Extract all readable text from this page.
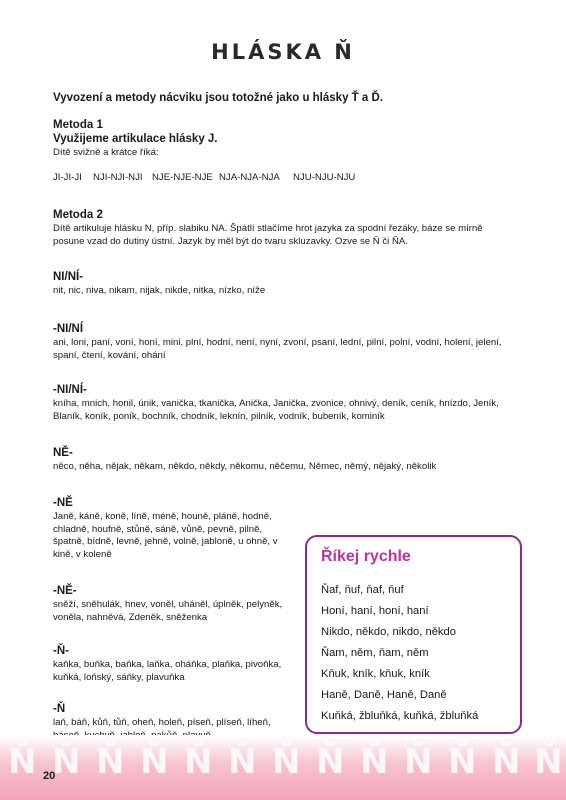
HLÁSKA Ň
Vyvození a metody nácviku jsou totožné jako u hlásky Ť a Ď.
Metoda 1
Využijeme artikulace hlásky J.
Dítě svižně a krátce říká:
JI-JI-JI NJI-NJI-NJI NJE-NJE-NJE NJA-NJA-NJA NJU-NJU-NJU
Metoda 2
Dítě artikuluje hlásku N, příp. slabiku NA. Špátlí stlačíme hrot jazyka za spodní řezáky, báze se mírně posune vzad do dutiny ústní. Jazyk by měl být do tvaru skluzavky. Ozve se Ň či ŇA.
NI/NÍ-
nit, nic, niva, nikam, nijak, nikde, nitka, nízko, níže
-NI/NÍ
ani, loni, paní, voní, honí, mini, plní, hodní, není, nyní, zvoní, psaní, lední, pilní, polní, vodní, holení, jelení, spaní, čtení, kování, ohání
-NI/NÍ-
kníha, mnich, honil, únik, vanička, tkanička, Anička, Janička, zvonice, ohnivý, deník, ceník, hnízdo, Jeník, Blaník, koník, poník, bochník, chodník, leknín, pilník, vodník, bubeník, kominík
NĚ-
něco, něha, nějak, někam, někdo, někdy, někomu, něčemu, Němec, němý, nějaký, několik
-NĚ
Janě, káně, koně, líně, méně, houně, pláně, hodně, chladně, houfně, stůně, sáně, vůně, pevně, pilně, špatně, bídně, levně, jehně, volně, jabloně, u ohně, v kině, v koleně
-NĚ-
sněží, sněhulák, hnev, voněl, uháněl, úplněk, pelyněk, voněla, nahněvá, Zdeněk, sněženka
-Ň-
kaňka, buňka, baňka, laňka, oháňka, plaňka, pivoňka, kuňká, loňský, sáňky, plavuňka
-Ň
laň, báň, kůň, tůň, oheň, holeň, píseň, plíseň, líheň,
Ň Ň Ň Ň Ň Ň Ň Ň Ň Ň Ň Ň Ň
Říkej rychle
Ňaf, ňuf, ňaf, ňuf
Honí, haní, honí, haní
Nikdo, někdo, nikdo, někdo
Ňam, něm, ňam, něm
Kňuk, kník, kňuk, kník
Haně, Daně, Haně, Daně
Kuňká, žbluňká, kuňká, žbluňká
20
